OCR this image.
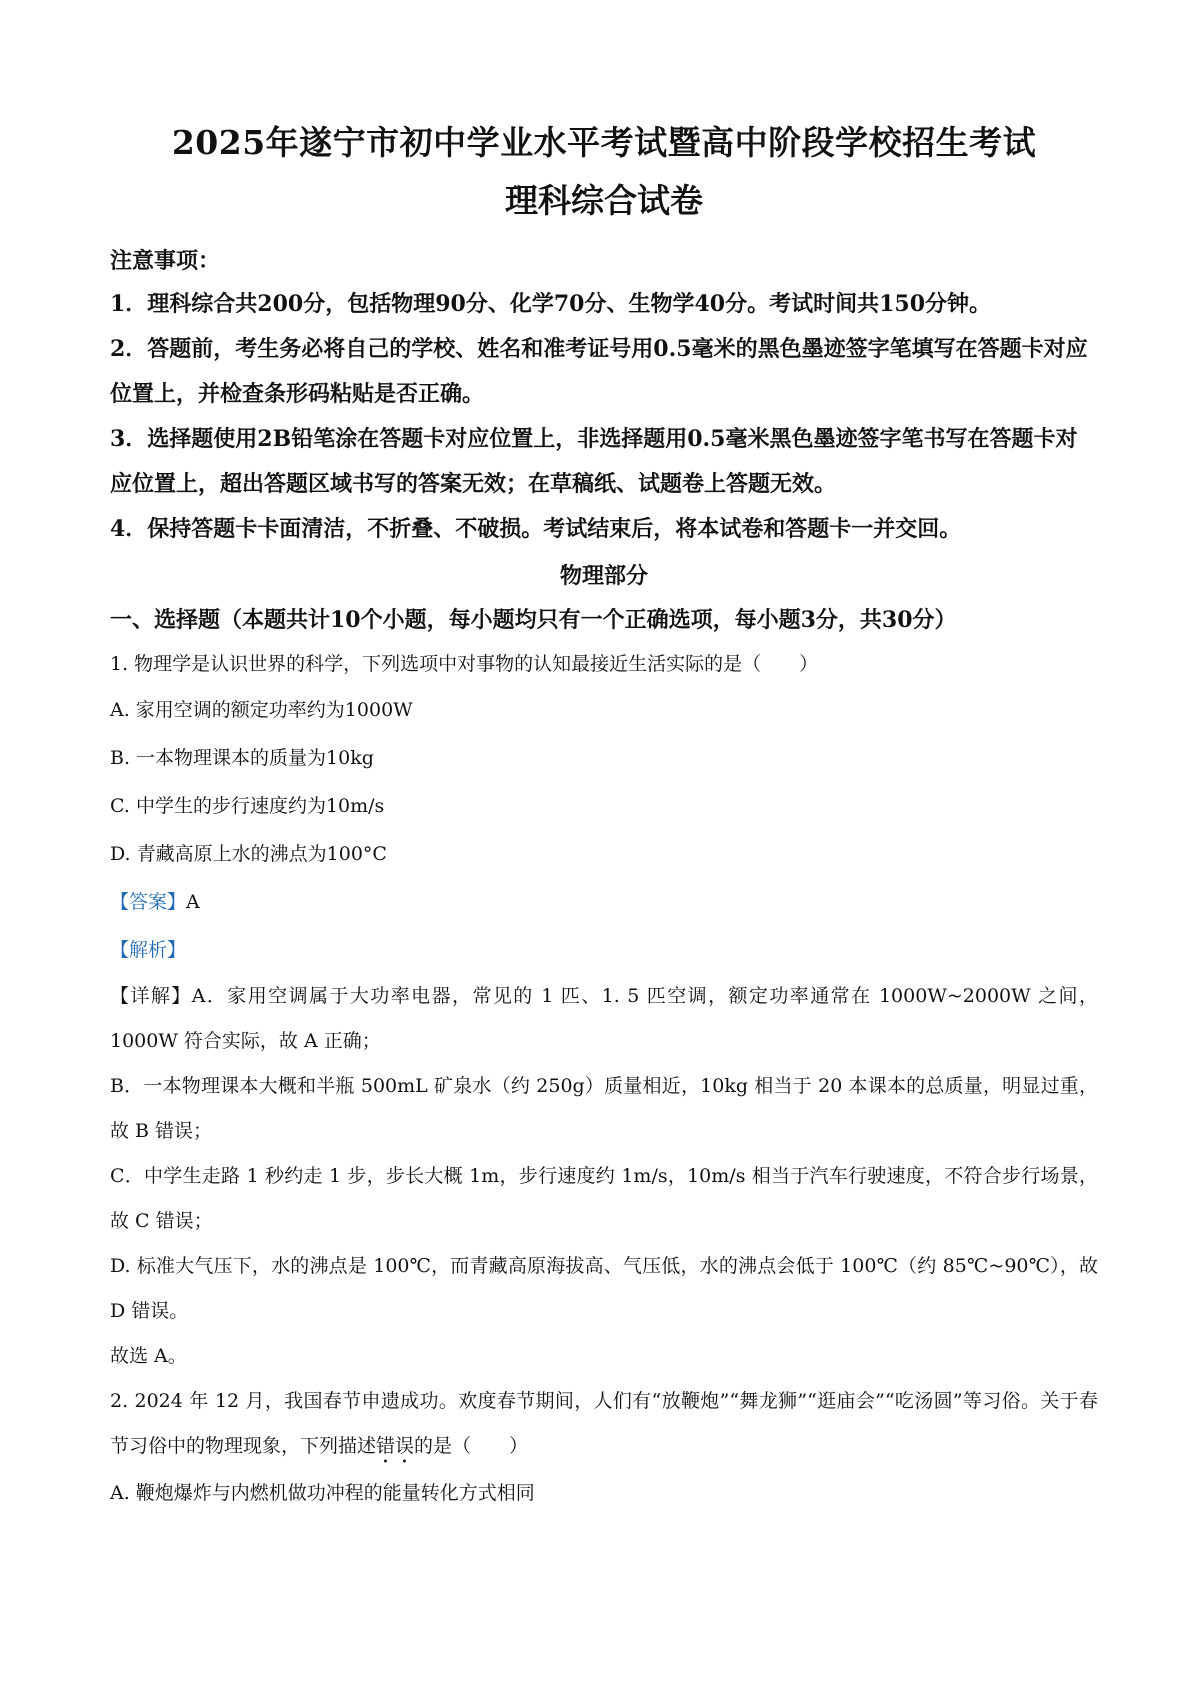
2025年遂宁市初中学业水平考试暨高中阶段学校招生考试
理科综合试卷
注意事项：

1．理科综合共200分，包括物理90分、化学70分、生物学40分。考试时间共150分钟。

2．答题前，考生务必将自己的学校、姓名和准考证号用0.5毫米的黑色墨迹签字笔填写在答题卡对应位置上，并检查条形码粘贴是否正确。

3．选择题使用2B铅笔涂在答题卡对应位置上，非选择题用0.5毫米黑色墨迹签字笔书写在答题卡对应位置上，超出答题区域书写的答案无效；在草稿纸、试题卷上答题无效。

4．保持答题卡卡面清洁，不折叠、不破损。考试结束后，将本试卷和答题卡一并交回。

物理部分
一、选择题（本题共计10个小题，每小题均只有一个正确选项，每小题3分，共30分）

1. 物理学是认识世界的科学，下列选项中对事物的认知最接近生活实际的是（　　）

A. 家用空调的额定功率约为1000W

B. 一本物理课本的质量为10kg

C. 中学生的步行速度约为10m/s

D. 青藏高原上水的沸点为100°C

【答案】A

【解析】

【详解】A．家用空调属于大功率电器，常见的 1 匹、1. 5 匹空调，额定功率通常在 1000W~2000W 之间，1000W 符合实际，故 A 正确；

B．一本物理课本大概和半瓶 500mL 矿泉水（约 250g）质量相近，10kg 相当于 20 本课本的总质量，明显过重，故 B 错误；

C．中学生走路 1 秒约走 1 步，步长大概 1m，步行速度约 1m/s，10m/s 相当于汽车行驶速度，不符合步行场景，故 C 错误；

D. 标准大气压下，水的沸点是 100℃，而青藏高原海拔高、气压低，水的沸点会低于 100℃（约 85℃~90℃），故 D 错误。

故选 A。

2. 2024 年 12 月，我国春节申遗成功。欢度春节期间，人们有“放鞭炮”“舞龙狮”“逛庙会”“吃汤圆”等习俗。关于春节习俗中的物理现象，下列描述错误的是（　　）

A. 鞭炮爆炸与内燃机做功冲程的能量转化方式相同
